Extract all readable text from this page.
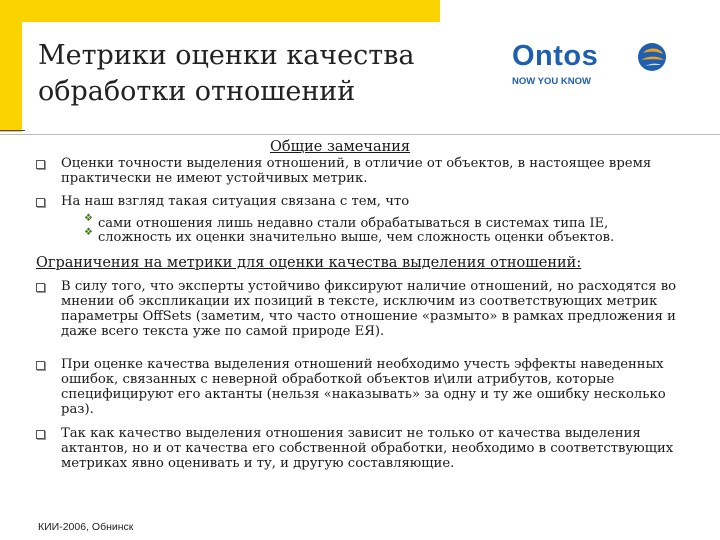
Метрики оценки качества обработки отношений
Ontos
NOW YOU KNOW
Общие замечания
Оценки точности выделения отношений, в отличие от объектов, в настоящее время практически не имеют устойчивых метрик.
На наш взгляд такая ситуация связана с тем, что
❖ сами отношения лишь недавно стали обрабатываться в системах типа IE,
❖ сложность их оценки значительно выше, чем сложность оценки объектов.
Ограничения на метрики для оценки качества выделения отношений:
В силу того, что эксперты устойчиво фиксируют наличие отношений, но расходятся во мнении об экспликации их позиций в тексте, исключим из соответствующих метрик параметры OffSets (заметим, что часто отношение «размыто» в рамках предложения и даже всего текста уже по самой природе ЕЯ).
При оценке качества выделения отношений необходимо учесть эффекты наведенных ошибок, связанных с неверной обработкой объектов и\или атрибутов, которые специфицируют его актанты (нельзя «наказывать» за одну и ту же ошибку несколько раз).
Так как качество выделения отношения зависит не только от качества выделения актантов, но и от качества его собственной обработки, необходимо в соответствующих метриках явно оценивать и ту, и другую составляющие.
КИИ-2006, Обнинск
